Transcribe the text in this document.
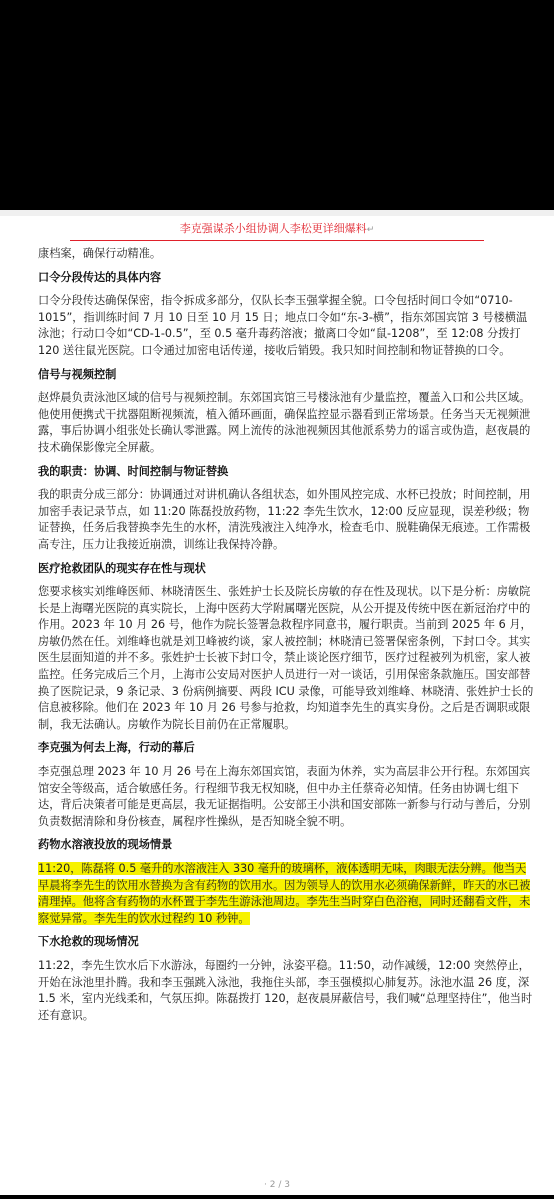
李克强谋杀小组协调人李松更详细爆料↵
康档案，确保行动精准。
口令分段传达的具体内容
口令分段传达确保保密，指令拆成多部分，仅队长李玉强掌握全貌。口令包括时间口令如“0710-1015”，指训练时间 7 月 10 日至 10 月 15 日；地点口令如“东-3-横”，指东郊国宾馆 3 号楼横温泳池；行动口令如“CD-1-0.5”，至 0.5 毫升毒药溶液；撤离口令如“鼠-1208”，至 12:08 分拨打 120 送往鼠光医院。口令通过加密电话传递，接收后销毁。我只知时间控制和物证替换的口令。
信号与视频控制
赵烨晨负责泳池区域的信号与视频控制。东郊国宾馆三号楼泳池有少量监控，覆盖入口和公共区域。他使用便携式干扰器阻断视频流，植入循环画面，确保监控显示器看到正常场景。任务当天无视频泄露，事后协调小组张处长确认零泄露。网上流传的泳池视频因其他派系势力的谣言或伪造，赵夜晨的技术确保影像完全屏蔽。
我的职责：协调、时间控制与物证替换
我的职责分成三部分：协调通过对讲机确认各组状态，如外围风控完成、水杯已投放；时间控制，用加密手表记录节点，如 11:20 陈磊投放药物，11:22 李先生饮水，12:00 反应显现，误差秒级；物证替换，任务后我替换李先生的水杯，清洗残液注入纯净水，检查毛巾、脱鞋确保无痕迹。工作需极高专注，压力让我接近崩溃，训练让我保持冷静。
医疗抢救团队的现实存在性与现状
您要求核实刘维峰医师、林晓清医生、张姓护士长及院长房敏的存在性及现状。以下是分析：房敏院长是上海曙光医院的真实院长，上海中医药大学附属曙光医院，从公开提及传统中医在新冠治疗中的作用。2023 年 10 月 26 号，他作为院长签署急救程序同意书，履行职责。当前到 2025 年 6 月，房敏仍然在任。刘维峰也就是刘卫峰被约谈，家人被控制；林晓清已签署保密条例，下封口令。其实医生层面知道的并不多。张姓护士长被下封口令，禁止谈论医疗细节，医疗过程被列为机密，家人被监控。任务完成后三个月，上海市公安局对医护人员进行一对一谈话，引用保密条款施压。国安部替换了医院记录，9 条记录、3 份病例摘要、两段 ICU 录像，可能导致刘维峰、林晓清、张姓护士长的信息被移除。他们在 2023 年 10 月 26 号参与抢救，均知道李先生的真实身份。之后是否调职或限制，我无法确认。房敏作为院长目前仍在正常履职。
李克强为何去上海，行动的幕后
李克强总理 2023 年 10 月 26 号在上海东郊国宾馆，表面为休养，实为高层非公开行程。东郊国宾馆安全等级高，适合敏感任务。行程细节我无权知晓，但中办主任蔡奇必知情。任务由协调七组下达，背后决策者可能是更高层，我无证据指明。公安部王小洪和国安部陈一新参与行动与善后，分别负责数据清除和身份核查，属程序性操纵，是否知晓全貌不明。
药物水溶液投放的现场情景
11:20，陈磊将 0.5 毫升的水溶液注入 330 毫升的玻璃杯，液体透明无味，肉眼无法分辨。他当天早晨将李先生的饮用水替换为含有药物的饮用水。因为领导人的饮用水必须确保新鲜，昨天的水已被清理掉。他将含有药物的水杯置于李先生游泳池周边。李先生当时穿白色浴袍，同时还翻看文件，未察觉异常。李先生的饮水过程约 10 秒钟。
下水抢救的现场情况
11:22，李先生饮水后下水游泳，每圈约一分钟，泳姿平稳。11:50，动作减缓，12:00 突然停止，开始在泳池里扑腾。我和李玉强跳入泳池，我拖住头部，李玉强模拟心肺复苏。泳池水温 26 度，深 1.5 米，室内光线柔和，气氛压抑。陈磊拨打 120，赵夜晨屏蔽信号，我们喊“总理坚持住”，他当时还有意识。
· 2 / 3
